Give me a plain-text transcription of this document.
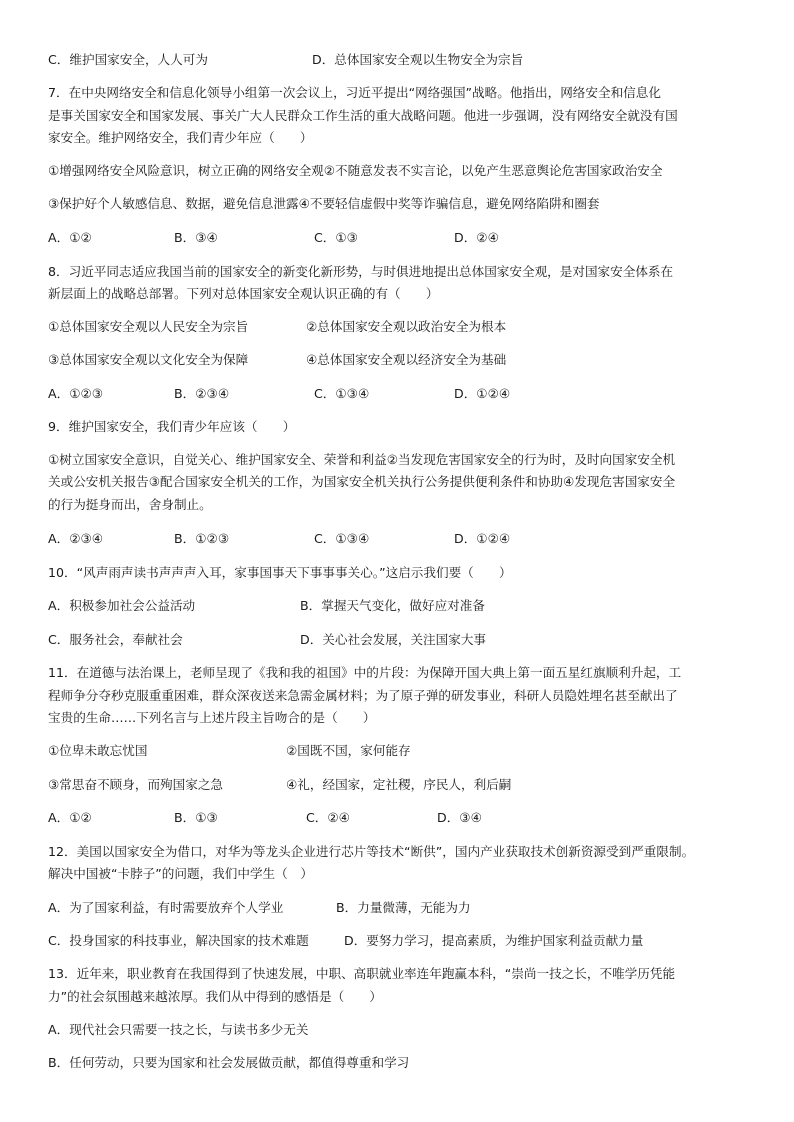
C．维护国家安全，人人可为	D．总体国家安全观以生物安全为宗旨
7．在中央网络安全和信息化领导小组第一次会议上，习近平提出“网络强国”战略。他指出，网络安全和信息化
是事关国家安全和国家发展、事关广大人民群众工作生活的重大战略问题。他进一步强调，没有网络安全就没有国
家安全。维护网络安全，我们青少年应（　　）
①增强网络安全风险意识，树立正确的网络安全观②不随意发表不实言论，以免产生恶意舆论危害国家政治安全
③保护好个人敏感信息、数据，避免信息泄露④不要轻信虚假中奖等诈骗信息，避免网络陷阱和圈套
A．①②	B．③④	C．①③	D．②④
8．习近平同志适应我国当前的国家安全的新变化新形势，与时俱进地提出总体国家安全观，是对国家安全体系在
新层面上的战略总部署。下列对总体国家安全观认识正确的有（　　）
①总体国家安全观以人民安全为宗旨	②总体国家安全观以政治安全为根本
③总体国家安全观以文化安全为保障	④总体国家安全观以经济安全为基础
A．①②③	B．②③④	C．①③④	D．①②④
9．维护国家安全，我们青少年应该（　　）
①树立国家安全意识，自觉关心、维护国家安全、荣誉和利益②当发现危害国家安全的行为时，及时向国家安全机
关或公安机关报告③配合国家安全机关的工作，为国家安全机关执行公务提供便利条件和协助④发现危害国家安全
的行为挺身而出，舍身制止。
A．②③④	B．①②③	C．①③④	D．①②④
10．“风声雨声读书声声声入耳，家事国事天下事事事关心。”这启示我们要（　　）
A．积极参加社会公益活动	B．掌握天气变化，做好应对准备
C．服务社会，奉献社会	D．关心社会发展，关注国家大事
11．在道德与法治课上，老师呈现了《我和我的祖国》中的片段：为保障开国大典上第一面五星红旗顺利升起，工
程师争分夺秒克服重重困难，群众深夜送来急需金属材料；为了原子弹的研发事业，科研人员隐姓埋名甚至献出了
宝贵的生命……下列名言与上述片段主旨吻合的是（　　）
①位卑未敢忘忧国	②国既不国，家何能存
③常思奋不顾身，而殉国家之急	④礼，经国家，定社稷，序民人，利后嗣
A．①②	B．①③	C．②④	D．③④
12．美国以国家安全为借口，对华为等龙头企业进行芯片等技术“断供”，国内产业获取技术创新资源受到严重限制。
解决中国被“卡脖子”的问题，我们中学生（　）
A．为了国家利益，有时需要放弃个人学业	B．力量微薄，无能为力
C．投身国家的科技事业，解决国家的技术难题	D．要努力学习，提高素质，为维护国家利益贡献力量
13．近年来，职业教育在我国得到了快速发展，中职、高职就业率连年跑赢本科，“崇尚一技之长，不唯学历凭能
力”的社会氛围越来越浓厚。我们从中得到的感悟是（　　）
A．现代社会只需要一技之长，与读书多少无关
B．任何劳动，只要为国家和社会发展做贡献，都值得尊重和学习
